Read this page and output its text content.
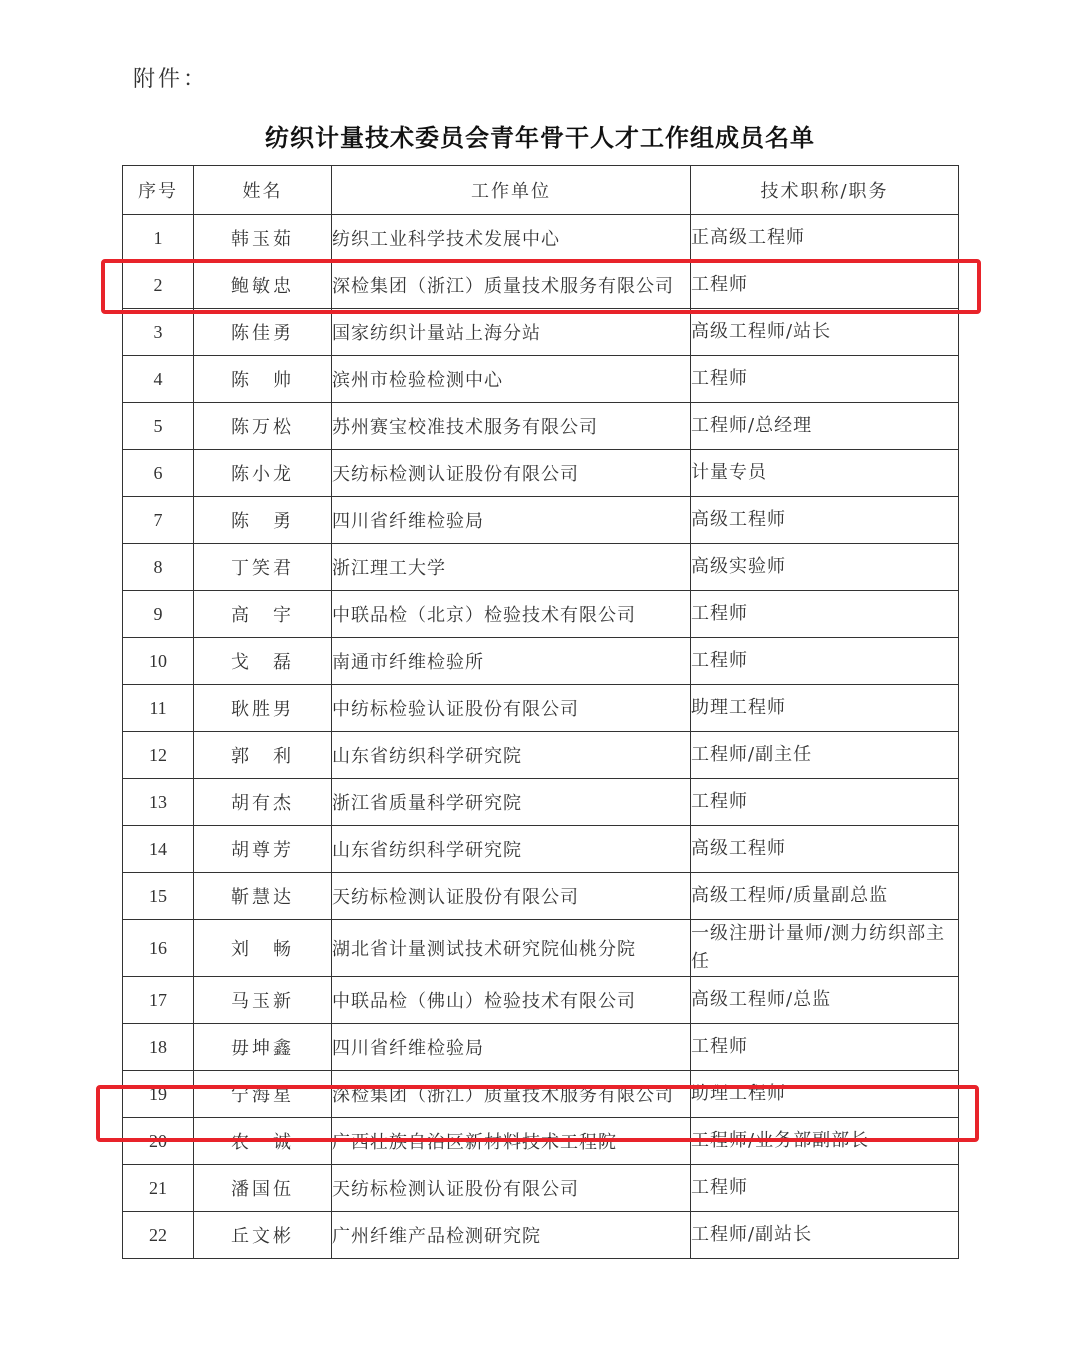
附件：
纺织计量技术委员会青年骨干人才工作组成员名单
序号	姓名	工作单位	技术职称/职务
1	韩玉茹	纺织工业科学技术发展中心	正高级工程师
2	鲍敏忠	深检集团（浙江）质量技术服务有限公司	工程师
3	陈佳勇	国家纺织计量站上海分站	高级工程师/站长
4	陈　帅	滨州市检验检测中心	工程师
5	陈万松	苏州赛宝校准技术服务有限公司	工程师/总经理
6	陈小龙	天纺标检测认证股份有限公司	计量专员
7	陈　勇	四川省纤维检验局	高级工程师
8	丁笑君	浙江理工大学	高级实验师
9	高　宇	中联品检（北京）检验技术有限公司	工程师
10	戈　磊	南通市纤维检验所	工程师
11	耿胜男	中纺标检验认证股份有限公司	助理工程师
12	郭　利	山东省纺织科学研究院	工程师/副主任
13	胡有杰	浙江省质量科学研究院	工程师
14	胡尊芳	山东省纺织科学研究院	高级工程师
15	靳慧达	天纺标检测认证股份有限公司	高级工程师/质量副总监
16	刘　畅	湖北省计量测试技术研究院仙桃分院	一级注册计量师/测力纺织部主任
17	马玉新	中联品检（佛山）检验技术有限公司	高级工程师/总监
18	毋坤鑫	四川省纤维检验局	工程师
19	宁海星	深检集团（浙江）质量技术服务有限公司	助理工程师
20	农　诚	广西壮族自治区新材料技术工程院	工程师/业务部副部长
21	潘国伍	天纺标检测认证股份有限公司	工程师
22	丘文彬	广州纤维产品检测研究院	工程师/副站长
